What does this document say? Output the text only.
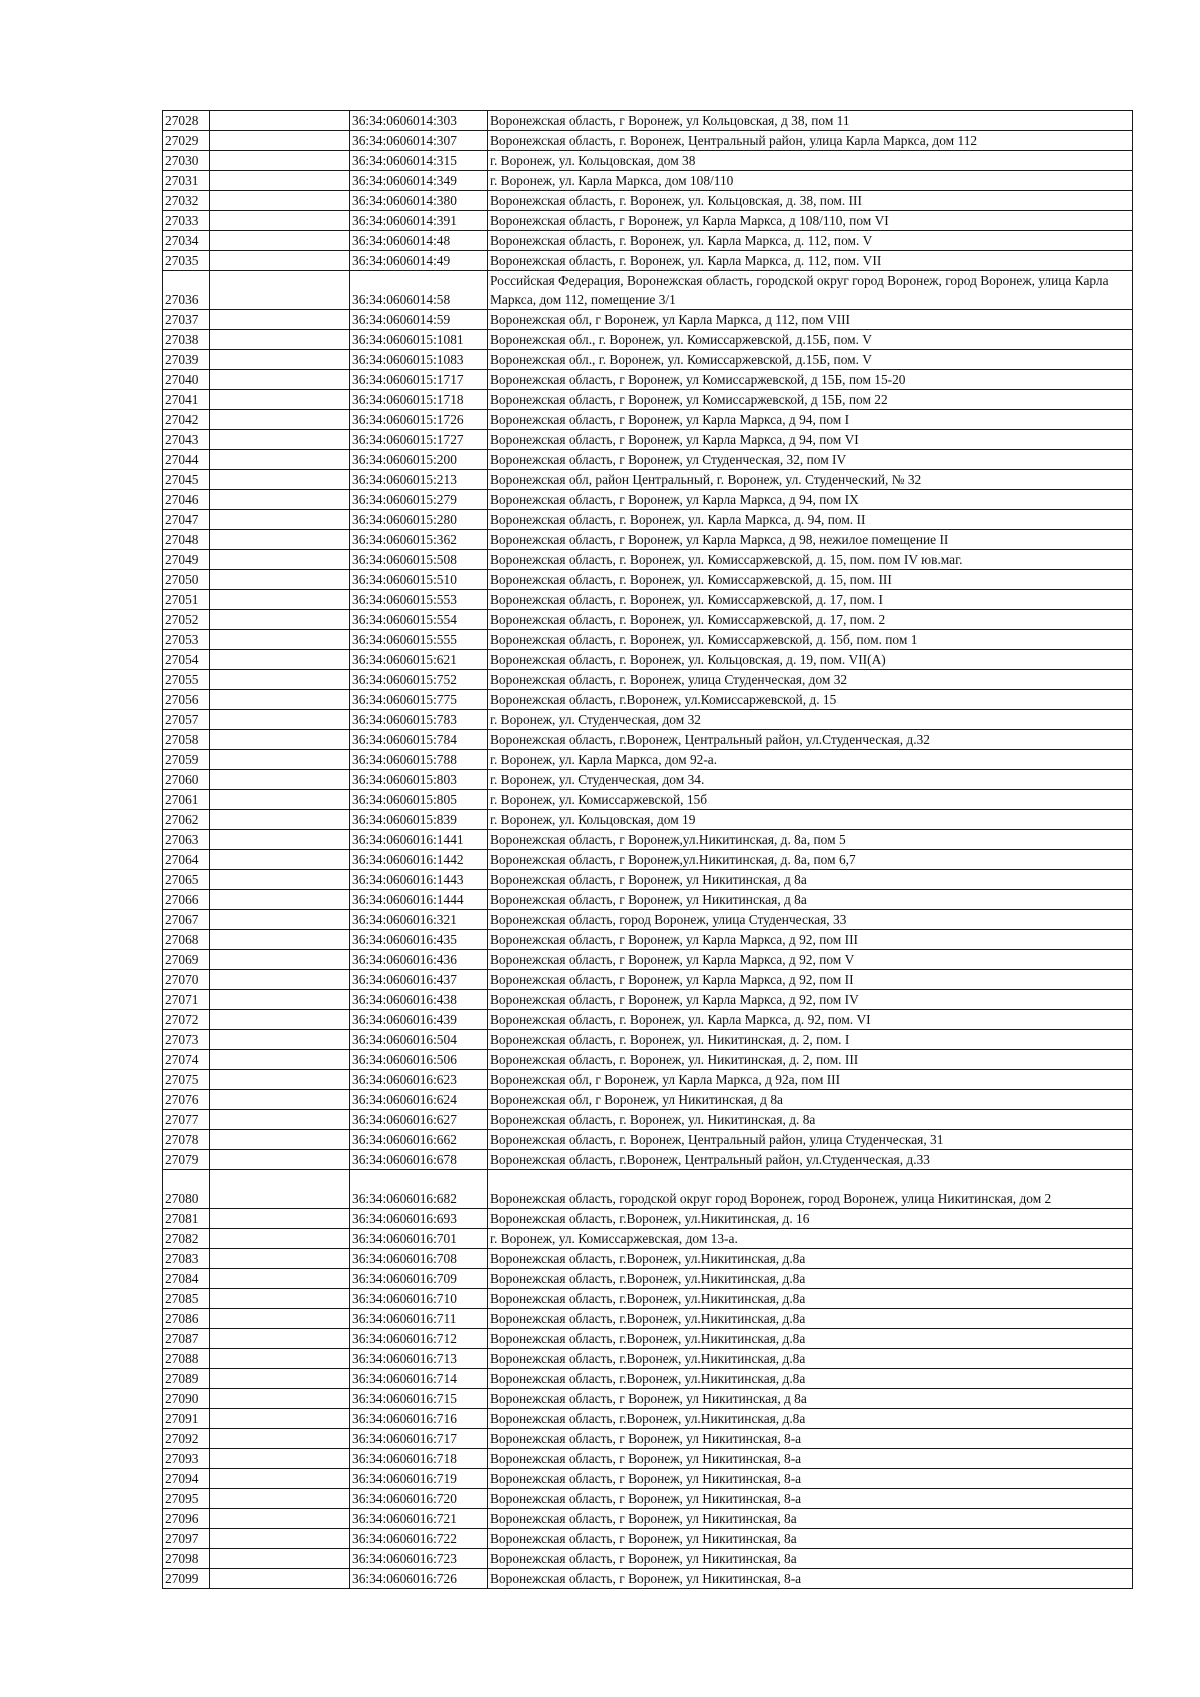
27028		36:34:0606014:303	Воронежская область, г Воронеж, ул Кольцовская, д 38, пом 11
27029		36:34:0606014:307	Воронежская область, г. Воронеж, Центральный район, улица Карла Маркса, дом 112
27030		36:34:0606014:315	г. Воронеж, ул. Кольцовская, дом 38
27031		36:34:0606014:349	г. Воронеж, ул. Карла Маркса, дом 108/110
27032		36:34:0606014:380	Воронежская область, г. Воронеж, ул. Кольцовская, д. 38, пом. III
27033		36:34:0606014:391	Воронежская область, г Воронеж, ул Карла Маркса, д 108/110, пом VI
27034		36:34:0606014:48	Воронежская область, г. Воронеж, ул. Карла Маркса, д. 112, пом. V
27035		36:34:0606014:49	Воронежская область, г. Воронеж, ул. Карла Маркса, д. 112, пом. VII
27036		36:34:0606014:58	Российская Федерация, Воронежская область, городской округ город Воронеж, город Воронеж, улица Карла Маркса, дом 112, помещение 3/1
27037		36:34:0606014:59	Воронежская обл, г Воронеж, ул Карла Маркса, д 112, пом VIII
27038		36:34:0606015:1081	Воронежская обл., г. Воронеж, ул. Комиссаржевской, д.15Б, пом. V
27039		36:34:0606015:1083	Воронежская обл., г. Воронеж, ул. Комиссаржевской, д.15Б, пом. V
27040		36:34:0606015:1717	Воронежская область, г Воронеж, ул Комиссаржевской, д 15Б, пом 15-20
27041		36:34:0606015:1718	Воронежская область, г Воронеж, ул Комиссаржевской, д 15Б, пом 22
27042		36:34:0606015:1726	Воронежская область, г Воронеж, ул Карла Маркса, д 94, пом I
27043		36:34:0606015:1727	Воронежская область, г Воронеж, ул Карла Маркса, д 94, пом VI
27044		36:34:0606015:200	Воронежская область, г Воронеж, ул Студенческая, 32, пом IV
27045		36:34:0606015:213	Воронежская обл, район Центральный, г. Воронеж, ул. Студенческий, № 32
27046		36:34:0606015:279	Воронежская область, г Воронеж, ул Карла Маркса, д 94, пом IX
27047		36:34:0606015:280	Воронежская область, г. Воронеж, ул. Карла Маркса, д. 94, пом. II
27048		36:34:0606015:362	Воронежская область, г Воронеж, ул Карла Маркса, д 98, нежилое помещение II
27049		36:34:0606015:508	Воронежская область, г. Воронеж, ул. Комиссаржевской, д. 15, пом. пом IV юв.маг.
27050		36:34:0606015:510	Воронежская область, г. Воронеж, ул. Комиссаржевской, д. 15, пом. III
27051		36:34:0606015:553	Воронежская область, г. Воронеж, ул. Комиссаржевской, д. 17, пом. I
27052		36:34:0606015:554	Воронежская область, г. Воронеж, ул. Комиссаржевской, д. 17, пом. 2
27053		36:34:0606015:555	Воронежская область, г. Воронеж, ул. Комиссаржевской, д. 15б, пом. пом 1
27054		36:34:0606015:621	Воронежская область, г. Воронеж, ул. Кольцовская, д. 19, пом. VII(A)
27055		36:34:0606015:752	Воронежская область, г. Воронеж, улица Студенческая, дом 32
27056		36:34:0606015:775	Воронежская область, г.Воронеж, ул.Комиссаржевской, д. 15
27057		36:34:0606015:783	г. Воронеж, ул. Студенческая, дом 32
27058		36:34:0606015:784	Воронежская область, г.Воронеж, Центральный район, ул.Студенческая, д.32
27059		36:34:0606015:788	г. Воронеж, ул. Карла Маркса, дом 92-а.
27060		36:34:0606015:803	г. Воронеж, ул. Студенческая, дом 34.
27061		36:34:0606015:805	г. Воронеж, ул. Комиссаржевской, 15б
27062		36:34:0606015:839	г. Воронеж, ул. Кольцовская, дом 19
27063		36:34:0606016:1441	Воронежская область, г Воронеж,ул.Никитинская, д. 8а, пом 5
27064		36:34:0606016:1442	Воронежская область, г Воронеж,ул.Никитинская, д. 8а, пом 6,7
27065		36:34:0606016:1443	Воронежская область, г Воронеж, ул Никитинская, д 8а
27066		36:34:0606016:1444	Воронежская область, г Воронеж, ул Никитинская, д 8а
27067		36:34:0606016:321	Воронежская область, город Воронеж, улица Студенческая, 33
27068		36:34:0606016:435	Воронежская область, г Воронеж, ул Карла Маркса, д 92, пом III
27069		36:34:0606016:436	Воронежская область, г Воронеж, ул Карла Маркса, д 92, пом V
27070		36:34:0606016:437	Воронежская область, г Воронеж, ул Карла Маркса, д 92, пом II
27071		36:34:0606016:438	Воронежская область, г Воронеж, ул Карла Маркса, д 92, пом IV
27072		36:34:0606016:439	Воронежская область, г. Воронеж, ул. Карла Маркса, д. 92, пом. VI
27073		36:34:0606016:504	Воронежская область, г. Воронеж, ул. Никитинская, д. 2, пом. I
27074		36:34:0606016:506	Воронежская область, г. Воронеж, ул. Никитинская, д. 2, пом. III
27075		36:34:0606016:623	Воронежская обл, г Воронеж, ул Карла Маркса, д 92а, пом III
27076		36:34:0606016:624	Воронежская обл, г Воронеж, ул Никитинская, д 8а
27077		36:34:0606016:627	Воронежская область, г. Воронеж, ул. Никитинская, д. 8а
27078		36:34:0606016:662	Воронежская область, г. Воронеж, Центральный район, улица Студенческая, 31
27079		36:34:0606016:678	Воронежская область, г.Воронеж, Центральный район, ул.Студенческая, д.33
27080		36:34:0606016:682	Воронежская область, городской округ город Воронеж, город Воронеж, улица Никитинская, дом 2
27081		36:34:0606016:693	Воронежская область, г.Воронеж, ул.Никитинская, д. 16
27082		36:34:0606016:701	г. Воронеж, ул. Комиссаржевская, дом 13-а.
27083		36:34:0606016:708	Воронежская область, г.Воронеж, ул.Никитинская, д.8а
27084		36:34:0606016:709	Воронежская область, г.Воронеж, ул.Никитинская, д.8а
27085		36:34:0606016:710	Воронежская область, г.Воронеж, ул.Никитинская, д.8а
27086		36:34:0606016:711	Воронежская область, г.Воронеж, ул.Никитинская, д.8а
27087		36:34:0606016:712	Воронежская область, г.Воронеж, ул.Никитинская, д.8а
27088		36:34:0606016:713	Воронежская область, г.Воронеж, ул.Никитинская, д.8а
27089		36:34:0606016:714	Воронежская область, г.Воронеж, ул.Никитинская, д.8а
27090		36:34:0606016:715	Воронежская область, г Воронеж, ул Никитинская, д 8а
27091		36:34:0606016:716	Воронежская область, г.Воронеж, ул.Никитинская, д.8а
27092		36:34:0606016:717	Воронежская область, г Воронеж, ул Никитинская, 8-а
27093		36:34:0606016:718	Воронежская область, г Воронеж, ул Никитинская, 8-а
27094		36:34:0606016:719	Воронежская область, г Воронеж, ул Никитинская, 8-а
27095		36:34:0606016:720	Воронежская область, г Воронеж, ул Никитинская, 8-а
27096		36:34:0606016:721	Воронежская область, г Воронеж, ул Никитинская, 8а
27097		36:34:0606016:722	Воронежская область, г Воронеж, ул Никитинская, 8а
27098		36:34:0606016:723	Воронежская область, г Воронеж, ул Никитинская, 8а
27099		36:34:0606016:726	Воронежская область, г Воронеж, ул Никитинская, 8-а
